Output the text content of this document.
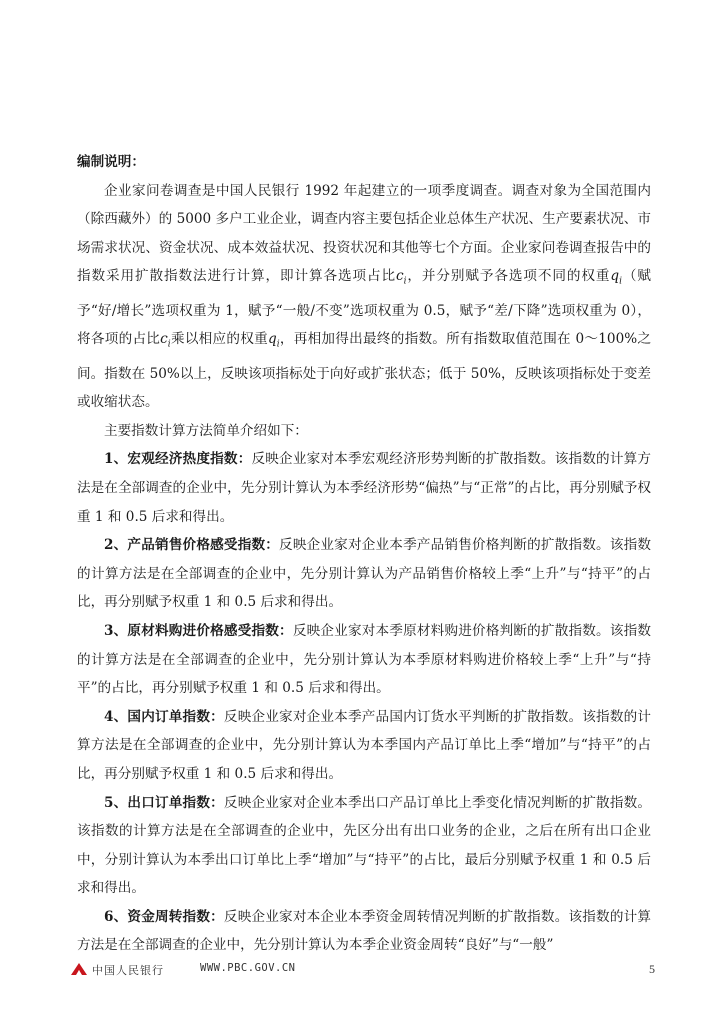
编制说明：

企业家问卷调查是中国人民银行 1992 年起建立的一项季度调查。调查对象为全国范围内（除西藏外）的 5000 多户工业企业，调查内容主要包括企业总体生产状况、生产要素状况、市场需求状况、资金状况、成本效益状况、投资状况和其他等七个方面。企业家问卷调查报告中的指数采用扩散指数法进行计算，即计算各选项占比$c_i$，并分别赋予各选项不同的权重$q_i$（赋予“好/增长”选项权重为 1，赋予“一般/不变”选项权重为 0.5，赋予“差/下降”选项权重为 0），将各项的占比$c_i$乘以相应的权重$q_i$，再相加得出最终的指数。所有指数取值范围在 0～100%之间。指数在 50%以上，反映该项指标处于向好或扩张状态；低于 50%，反映该项指标处于变差或收缩状态。

主要指数计算方法简单介绍如下：

1、宏观经济热度指数：反映企业家对本季宏观经济形势判断的扩散指数。该指数的计算方法是在全部调查的企业中，先分别计算认为本季经济形势“偏热”与“正常”的占比，再分别赋予权重 1 和 0.5 后求和得出。

2、产品销售价格感受指数：反映企业家对企业本季产品销售价格判断的扩散指数。该指数的计算方法是在全部调查的企业中，先分别计算认为产品销售价格较上季“上升”与“持平”的占比，再分别赋予权重 1 和 0.5 后求和得出。

3、原材料购进价格感受指数：反映企业家对本季原材料购进价格判断的扩散指数。该指数的计算方法是在全部调查的企业中，先分别计算认为本季原材料购进价格较上季“上升”与“持平”的占比，再分别赋予权重 1 和 0.5 后求和得出。

4、国内订单指数：反映企业家对企业本季产品国内订货水平判断的扩散指数。该指数的计算方法是在全部调查的企业中，先分别计算认为本季国内产品订单比上季“增加”与“持平”的占比，再分别赋予权重 1 和 0.5 后求和得出。

5、出口订单指数：反映企业家对企业本季出口产品订单比上季变化情况判断的扩散指数。该指数的计算方法是在全部调查的企业中，先区分出有出口业务的企业，之后在所有出口企业中，分别计算认为本季出口订单比上季“增加”与“持平”的占比，最后分别赋予权重 1 和 0.5 后求和得出。

6、资金周转指数：反映企业家对本企业本季资金周转情况判断的扩散指数。该指数的计算方法是在全部调查的企业中，先分别计算认为本季企业资金周转“良好”与“一般”

中国人民银行	WWW.PBC.GOV.CN	5
